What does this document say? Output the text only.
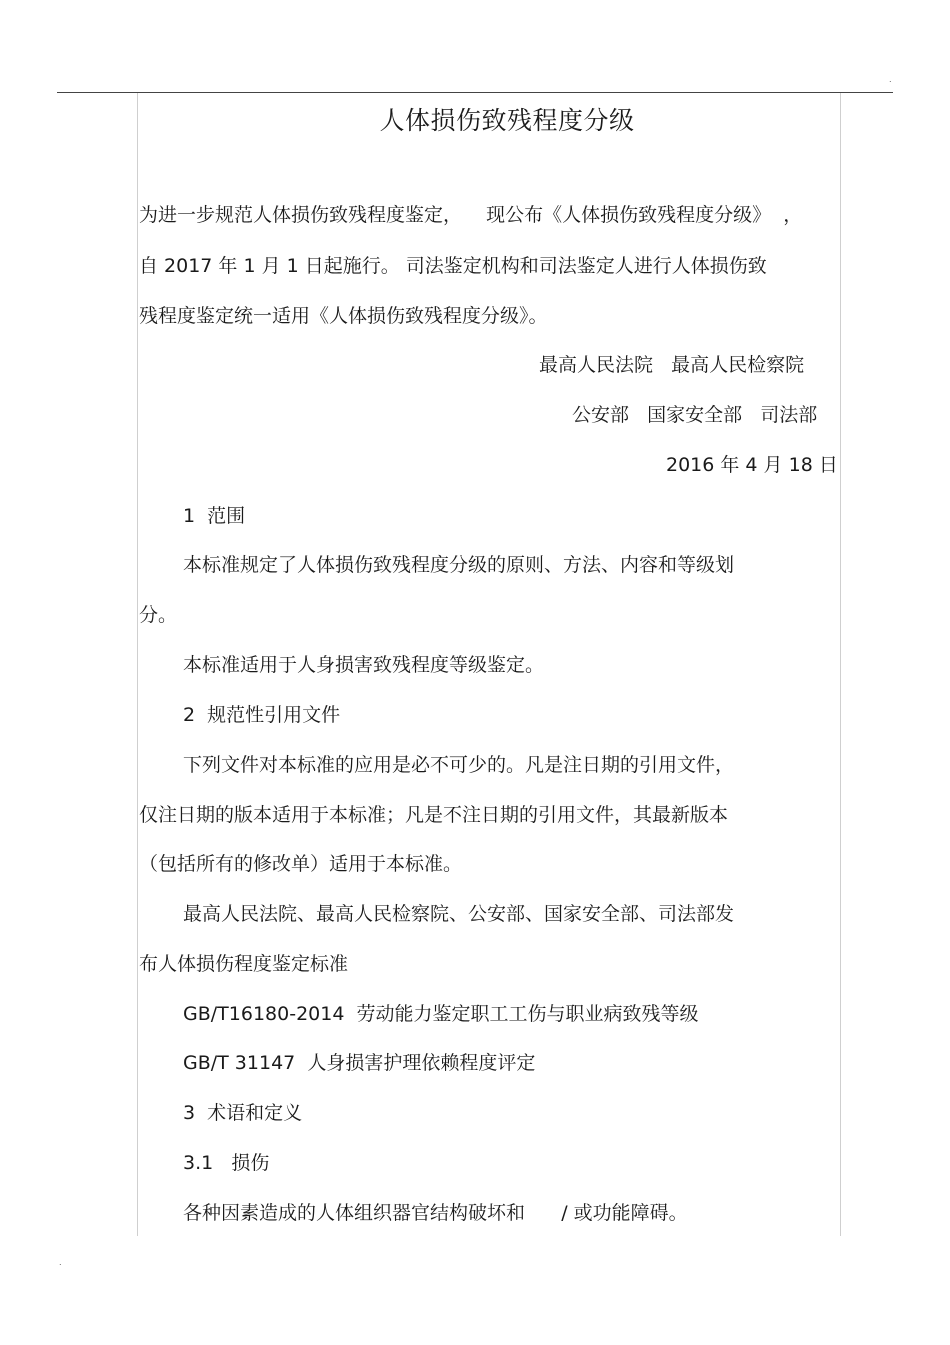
.
.
人体损伤致残程度分级
为进一步规范人体损伤致残程度鉴定，    现公布《人体损伤致残程度分级》  ，
自 2017 年 1 月 1 日起施行。 司法鉴定机构和司法鉴定人进行人体损伤致
残程度鉴定统一适用《人体损伤致残程度分级》。
最高人民法院   最高人民检察院
公安部   国家安全部   司法部
2016 年 4 月 18 日
1  范围
本标准规定了人体损伤致残程度分级的原则、方法、内容和等级划
分。
本标准适用于人身损害致残程度等级鉴定。
2  规范性引用文件
下列文件对本标准的应用是必不可少的。凡是注日期的引用文件，
仅注日期的版本适用于本标准；凡是不注日期的引用文件，其最新版本
（包括所有的修改单）适用于本标准。
最高人民法院、最高人民检察院、公安部、国家安全部、司法部发
布人体损伤程度鉴定标准
GB/T16180-2014  劳动能力鉴定职工工伤与职业病致残等级
GB/T 31147  人身损害护理依赖程度评定
3  术语和定义
3.1   损伤
各种因素造成的人体组织器官结构破坏和      / 或功能障碍。
